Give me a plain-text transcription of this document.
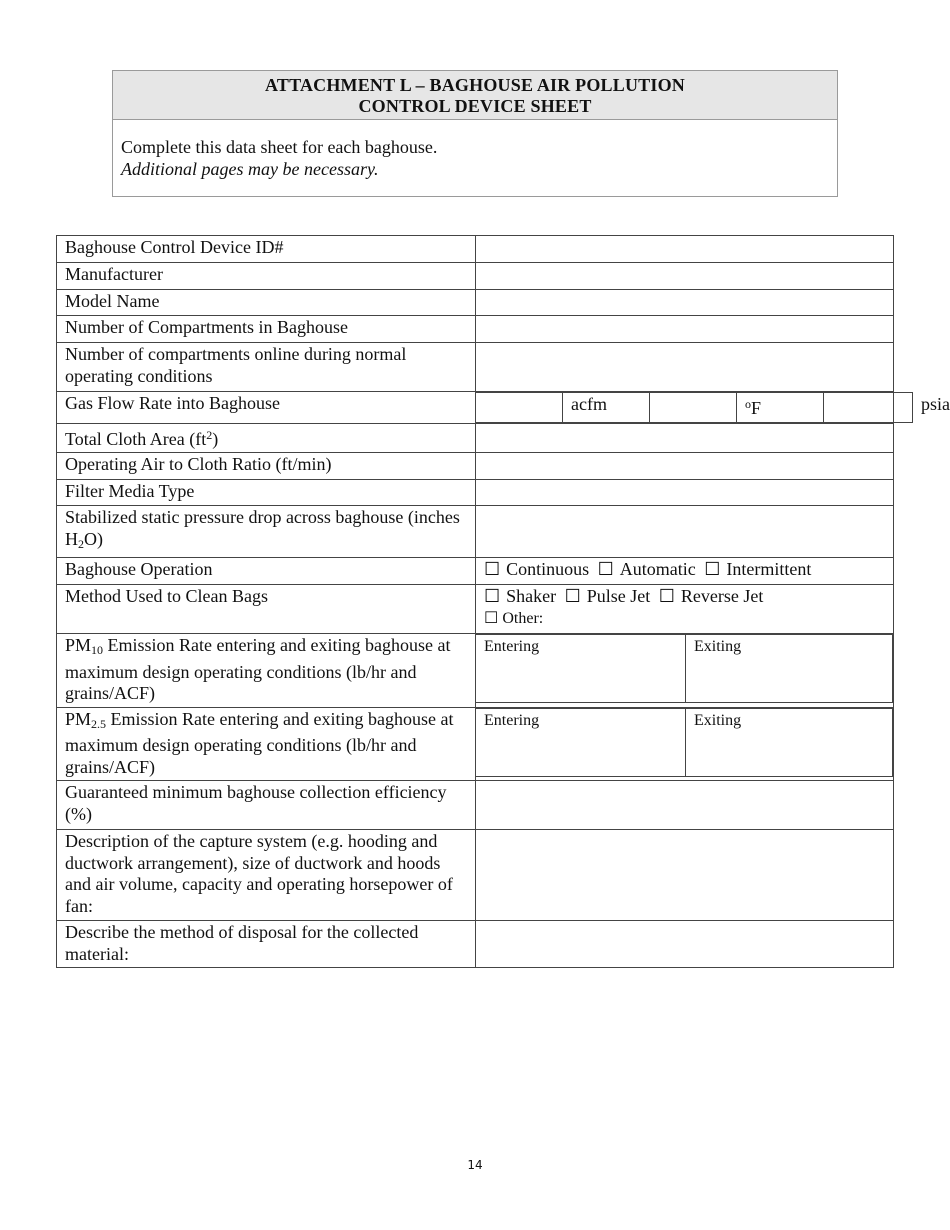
ATTACHMENT L – BAGHOUSE AIR POLLUTION
CONTROL DEVICE SHEET
Complete this data sheet for each baghouse.
Additional pages may be necessary.
Baghouse Control Device ID#	
Manufacturer	
Model Name	
Number of Compartments in Baghouse	
Number of compartments online during normal operating conditions	
Gas Flow Rate into Baghouse	
		acfm		$^o$F		psia

Total Cloth Area $(ft^2)$	
Operating Air to Cloth Ratio (ft/min)	
Filter Media Type	
Stabilized static pressure drop across baghouse (inches $H_2O$)	
Baghouse Operation	☐ Continuous ☐ Automatic ☐ Intermittent
Method Used to Clean Bags	☐ Shaker ☐ Pulse Jet ☐ Reverse Jet
☐ Other:

$PM_{10}$ Emission Rate entering and exiting baghouse at maximum design operating conditions (lb/hr and grains/ACF)	
Entering	Exiting

$PM_{2.5}$ Emission Rate entering and exiting baghouse at maximum design operating conditions (lb/hr and grains/ACF)	
Entering	Exiting

Guaranteed minimum baghouse collection efficiency (%)	
Description of the capture system (e.g. hooding and ductwork arrangement), size of ductwork and hoods and air volume, capacity and operating horsepower of fan:	
Describe the method of disposal for the collected material:	
14
